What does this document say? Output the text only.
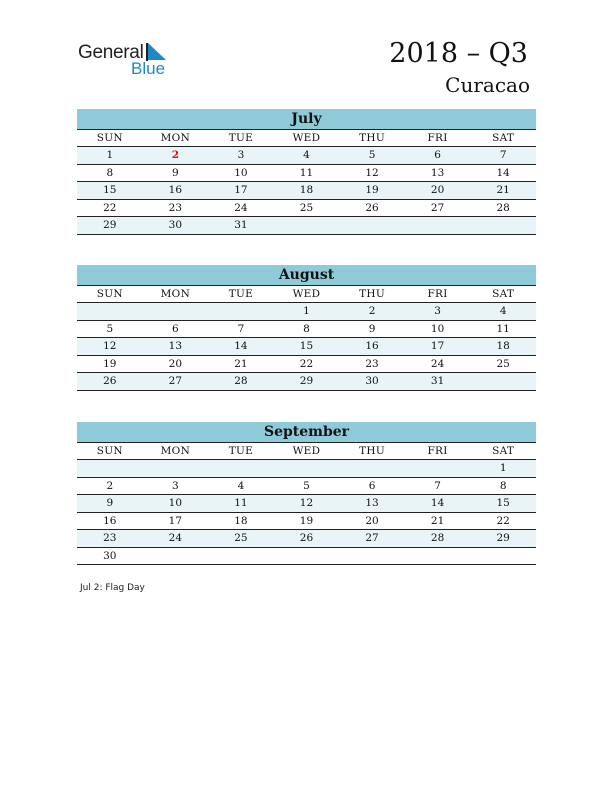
General
Blue	2018 – Q3
Curacao
July
SUN	MON	TUE	WED	THU	FRI	SAT
1	2	3	4	5	6	7
8	9	10	11	12	13	14
15	16	17	18	19	20	21
22	23	24	25	26	27	28
29	30	31				
August
SUN	MON	TUE	WED	THU	FRI	SAT
			1	2	3	4
5	6	7	8	9	10	11
12	13	14	15	16	17	18
19	20	21	22	23	24	25
26	27	28	29	30	31	
September
SUN	MON	TUE	WED	THU	FRI	SAT
						1
2	3	4	5	6	7	8
9	10	11	12	13	14	15
16	17	18	19	20	21	22
23	24	25	26	27	28	29
30						
Jul 2: Flag Day
